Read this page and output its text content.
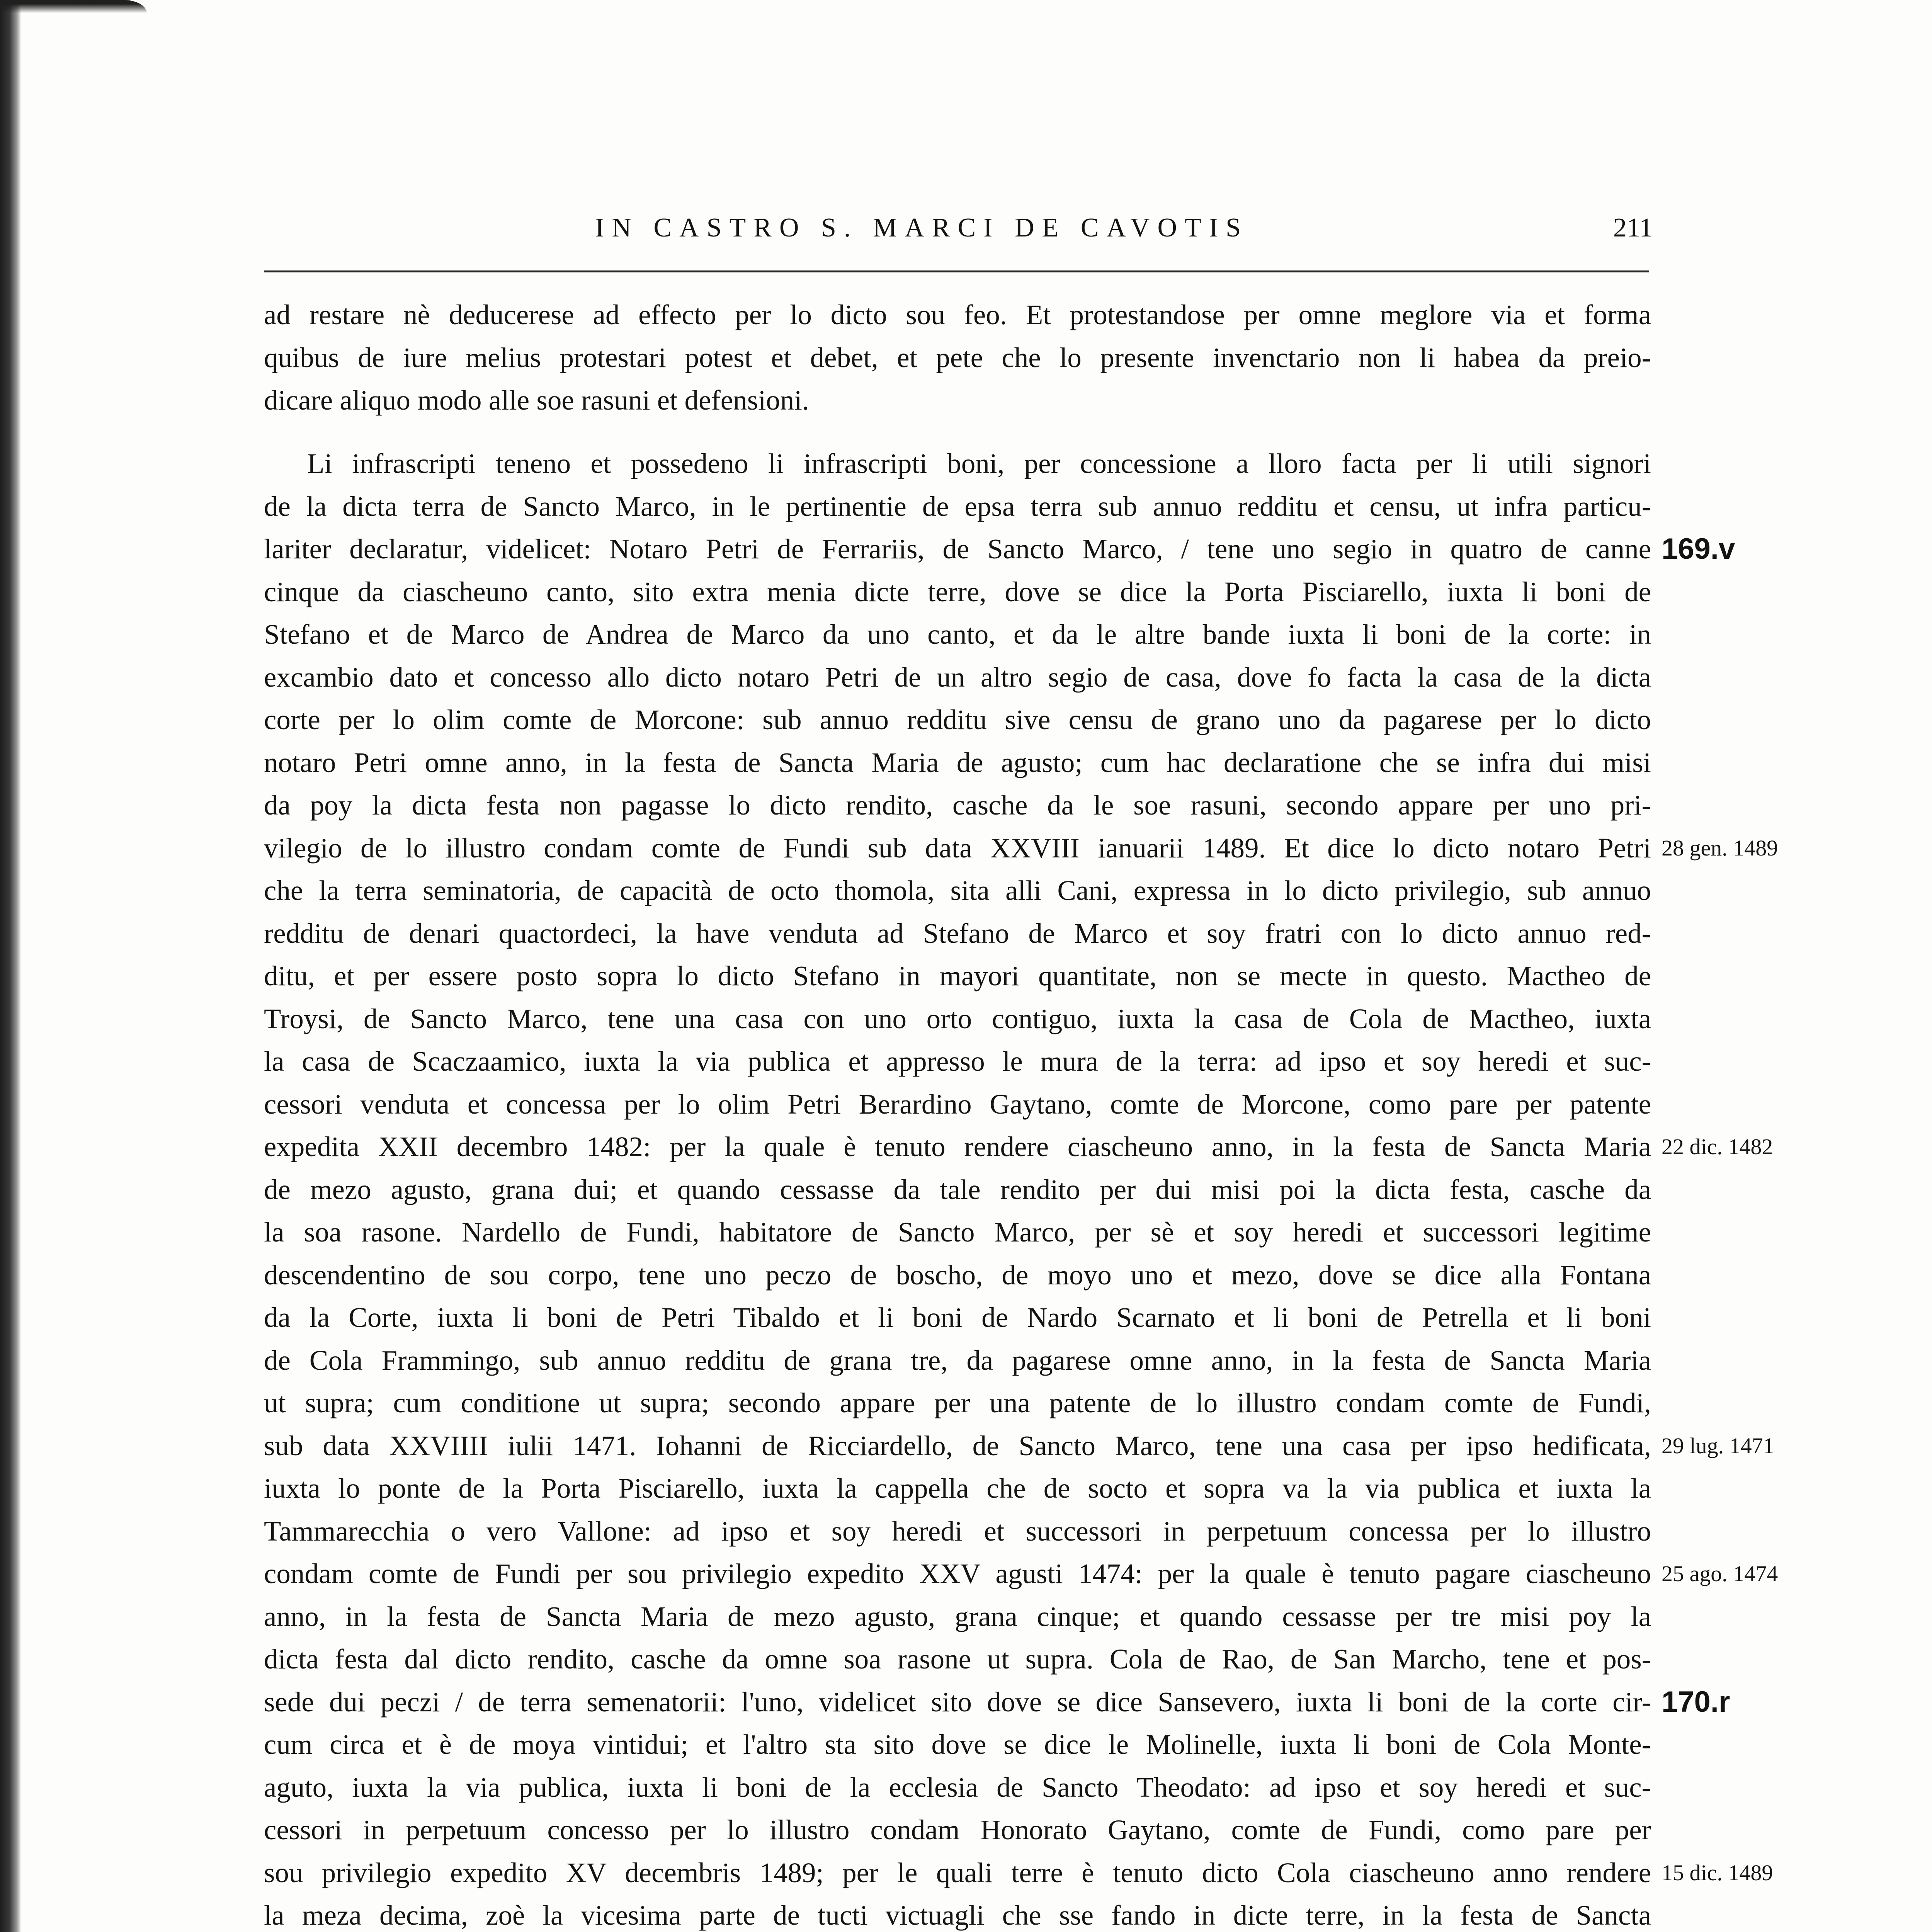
IN CASTRO S. MARCI DE CAVOTIS	211
ad restare nè deducerese ad effecto per lo dicto sou feo. Et protestandose per omne meglore via et forma
quibus de iure melius protestari potest et debet, et pete che lo presente invenctario non li habea da preio-
dicare aliquo modo alle soe rasuni et defensioni.
Li infrascripti teneno et possedeno li infrascripti boni, per concessione a lloro facta per li utili signori
de la dicta terra de Sancto Marco, in le pertinentie de epsa terra sub annuo redditu et censu, ut infra particu-
lariter declaratur, videlicet: Notaro Petri de Ferrariis, de Sancto Marco, / tene uno segio in quatro de canne
cinque da ciascheuno canto, sito extra menia dicte terre, dove se dice la Porta Pisciarello, iuxta li boni de
Stefano et de Marco de Andrea de Marco da uno canto, et da le altre bande iuxta li boni de la corte: in
excambio dato et concesso allo dicto notaro Petri de un altro segio de casa, dove fo facta la casa de la dicta
corte per lo olim comte de Morcone: sub annuo redditu sive censu de grano uno da pagarese per lo dicto
notaro Petri omne anno, in la festa de Sancta Maria de agusto; cum hac declaratione che se infra dui misi
da poy la dicta festa non pagasse lo dicto rendito, casche da le soe rasuni, secondo appare per uno pri-
vilegio de lo illustro condam comte de Fundi sub data XXVIII ianuarii 1489. Et dice lo dicto notaro Petri
che la terra seminatoria, de capacità de octo thomola, sita alli Cani, expressa in lo dicto privilegio, sub annuo
redditu de denari quactordeci, la have venduta ad Stefano de Marco et soy fratri con lo dicto annuo red-
ditu, et per essere posto sopra lo dicto Stefano in mayori quantitate, non se mecte in questo. Mactheo de
Troysi, de Sancto Marco, tene una casa con uno orto contiguo, iuxta la casa de Cola de Mactheo, iuxta
la casa de Scaczaamico, iuxta la via publica et appresso le mura de la terra: ad ipso et soy heredi et suc-
cessori venduta et concessa per lo olim Petri Berardino Gaytano, comte de Morcone, como pare per patente
expedita XXII decembro 1482: per la quale è tenuto rendere ciascheuno anno, in la festa de Sancta Maria
de mezo agusto, grana dui; et quando cessasse da tale rendito per dui misi poi la dicta festa, casche da
la soa rasone. Nardello de Fundi, habitatore de Sancto Marco, per sè et soy heredi et successori legitime
descendentino de sou corpo, tene uno peczo de boscho, de moyo uno et mezo, dove se dice alla Fontana
da la Corte, iuxta li boni de Petri Tibaldo et li boni de Nardo Scarnato et li boni de Petrella et li boni
de Cola Frammingo, sub annuo redditu de grana tre, da pagarese omne anno, in la festa de Sancta Maria
ut supra; cum conditione ut supra; secondo appare per una patente de lo illustro condam comte de Fundi,
sub data XXVIIII iulii 1471. Iohanni de Ricciardello, de Sancto Marco, tene una casa per ipso hedificata,
iuxta lo ponte de la Porta Pisciarello, iuxta la cappella che de socto et sopra va la via publica et iuxta la
Tammarecchia o vero Vallone: ad ipso et soy heredi et successori in perpetuum concessa per lo illustro
condam comte de Fundi per sou privilegio expedito XXV agusti 1474: per la quale è tenuto pagare ciascheuno
anno, in la festa de Sancta Maria de mezo agusto, grana cinque; et quando cessasse per tre misi poy la
dicta festa dal dicto rendito, casche da omne soa rasone ut supra. Cola de Rao, de San Marcho, tene et pos-
sede dui peczi / de terra semenatorii: l'uno, videlicet sito dove se dice Sansevero, iuxta li boni de la corte cir-
cum circa et è de moya vintidui; et l'altro sta sito dove se dice le Molinelle, iuxta li boni de Cola Monte-
aguto, iuxta la via publica, iuxta li boni de la ecclesia de Sancto Theodato: ad ipso et soy heredi et suc-
cessori in perpetuum concesso per lo illustro condam Honorato Gaytano, comte de Fundi, como pare per
sou privilegio expedito XV decembris 1489; per le quali terre è tenuto dicto Cola ciascheuno anno rendere
la meza decima, zoè la vicesima parte de tucti victuagli che sse fando in dicte terre, in la festa de Sancta
169.v
28 gen. 1489
22 dic. 1482
29 lug. 1471
25 ago. 1474
170.r
15 dic. 1489
